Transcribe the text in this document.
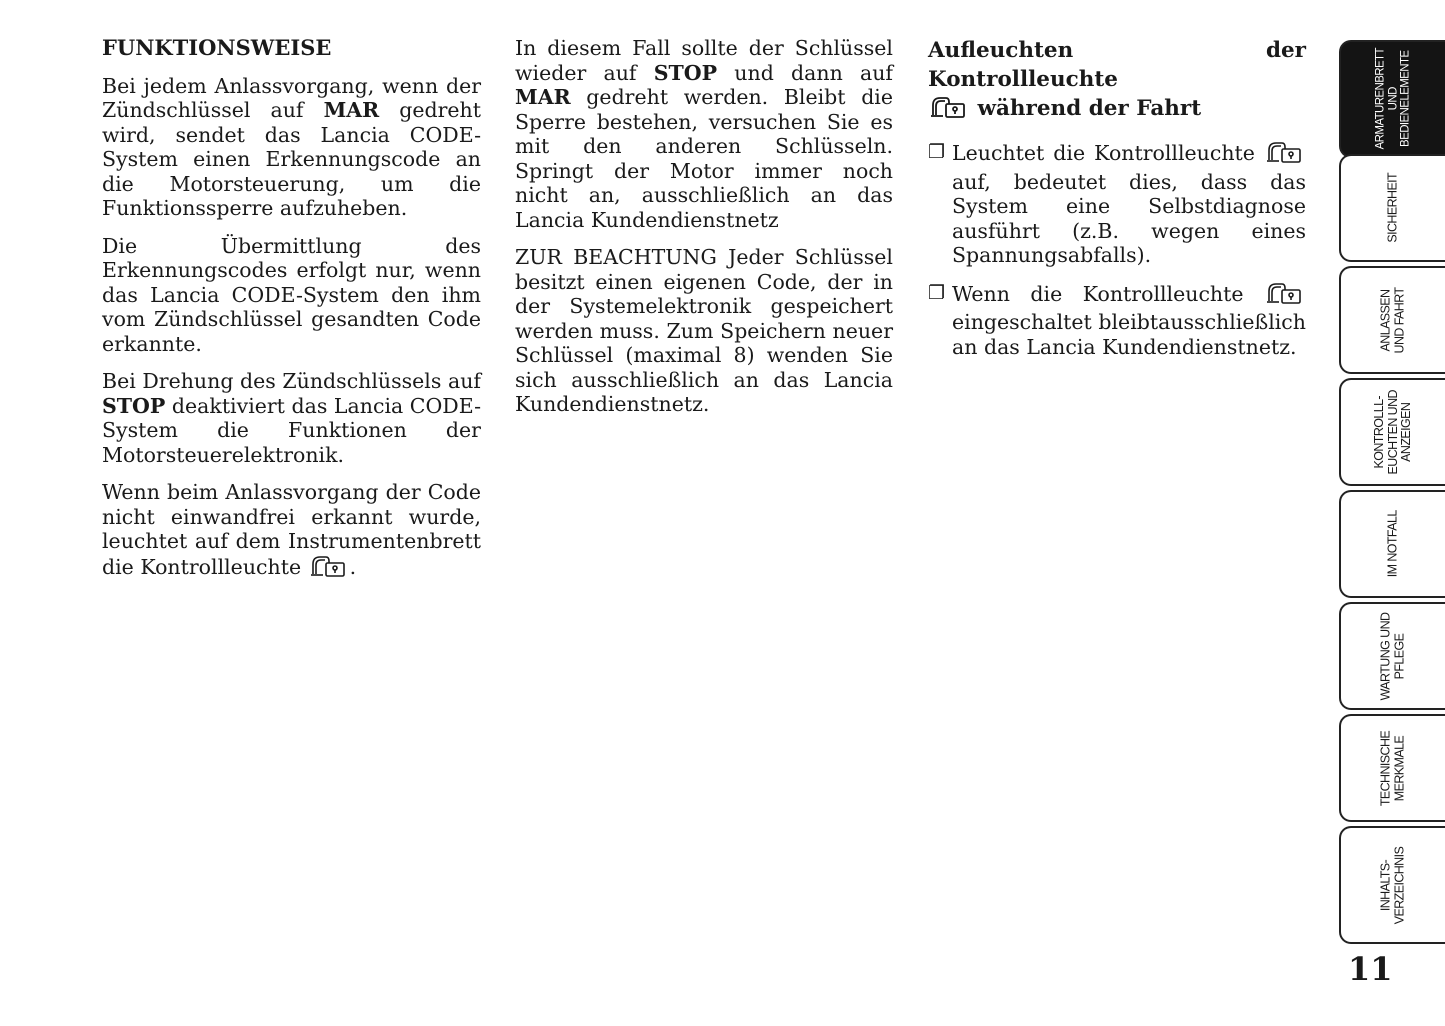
FUNKTIONSWEISE

Bei jedem Anlassvorgang, wenn der Zündschlüssel auf MAR gedreht wird, sendet das Lancia CODE-System einen Erkennungscode an die Motorsteuerung, um die Funktionssperre aufzuheben.

Die Übermittlung des Erkennungscodes erfolgt nur, wenn das Lancia CODE-System den ihm vom Zündschlüssel gesandten Code erkannte.

Bei Drehung des Zündschlüssels auf STOP deaktiviert das Lancia CODE-System die Funktionen der Motorsteuerelektronik.

Wenn beim Anlassvorgang der Code nicht einwandfrei erkannt wurde, leuchtet auf dem Instrumentenbrett die Kontrollleuchte .

In diesem Fall sollte der Schlüssel wieder auf STOP und dann auf MAR gedreht werden. Bleibt die Sperre bestehen, versuchen Sie es mit den anderen Schlüsseln. Springt der Motor immer noch nicht an, ausschließlich an das Lancia Kundendienstnetz

ZUR BEACHTUNG Jeder Schlüssel besitzt einen eigenen Code, der in der Systemelektronik gespeichert werden muss. Zum Speichern neuer Schlüssel (maximal 8) wenden Sie sich ausschließlich an das Lancia Kundendienstnetz.

Aufleuchten der Kontrollleuchte
während der Fahrt

❐ Leuchtet die Kontrollleuchte  auf, bedeutet dies, dass das System eine Selbstdiagnose ausführt (z.B. wegen eines Spannungsabfalls).
❐ Wenn die Kontrollleuchte  eingeschaltet bleibtausschließlich an das Lancia Kundendienstnetz.
ARMATURENBRETT
UND
BEDIENELEMENTE
SICHERHEIT
ANLASSEN
UND FAHRT
KONTROLLL-
EUCHTEN UND
ANZEIGEN
IM NOTFALL
WARTUNG UND
PFLEGE
TECHNISCHE
MERKMALE
INHALTS-
VERZEICHNIS
11
